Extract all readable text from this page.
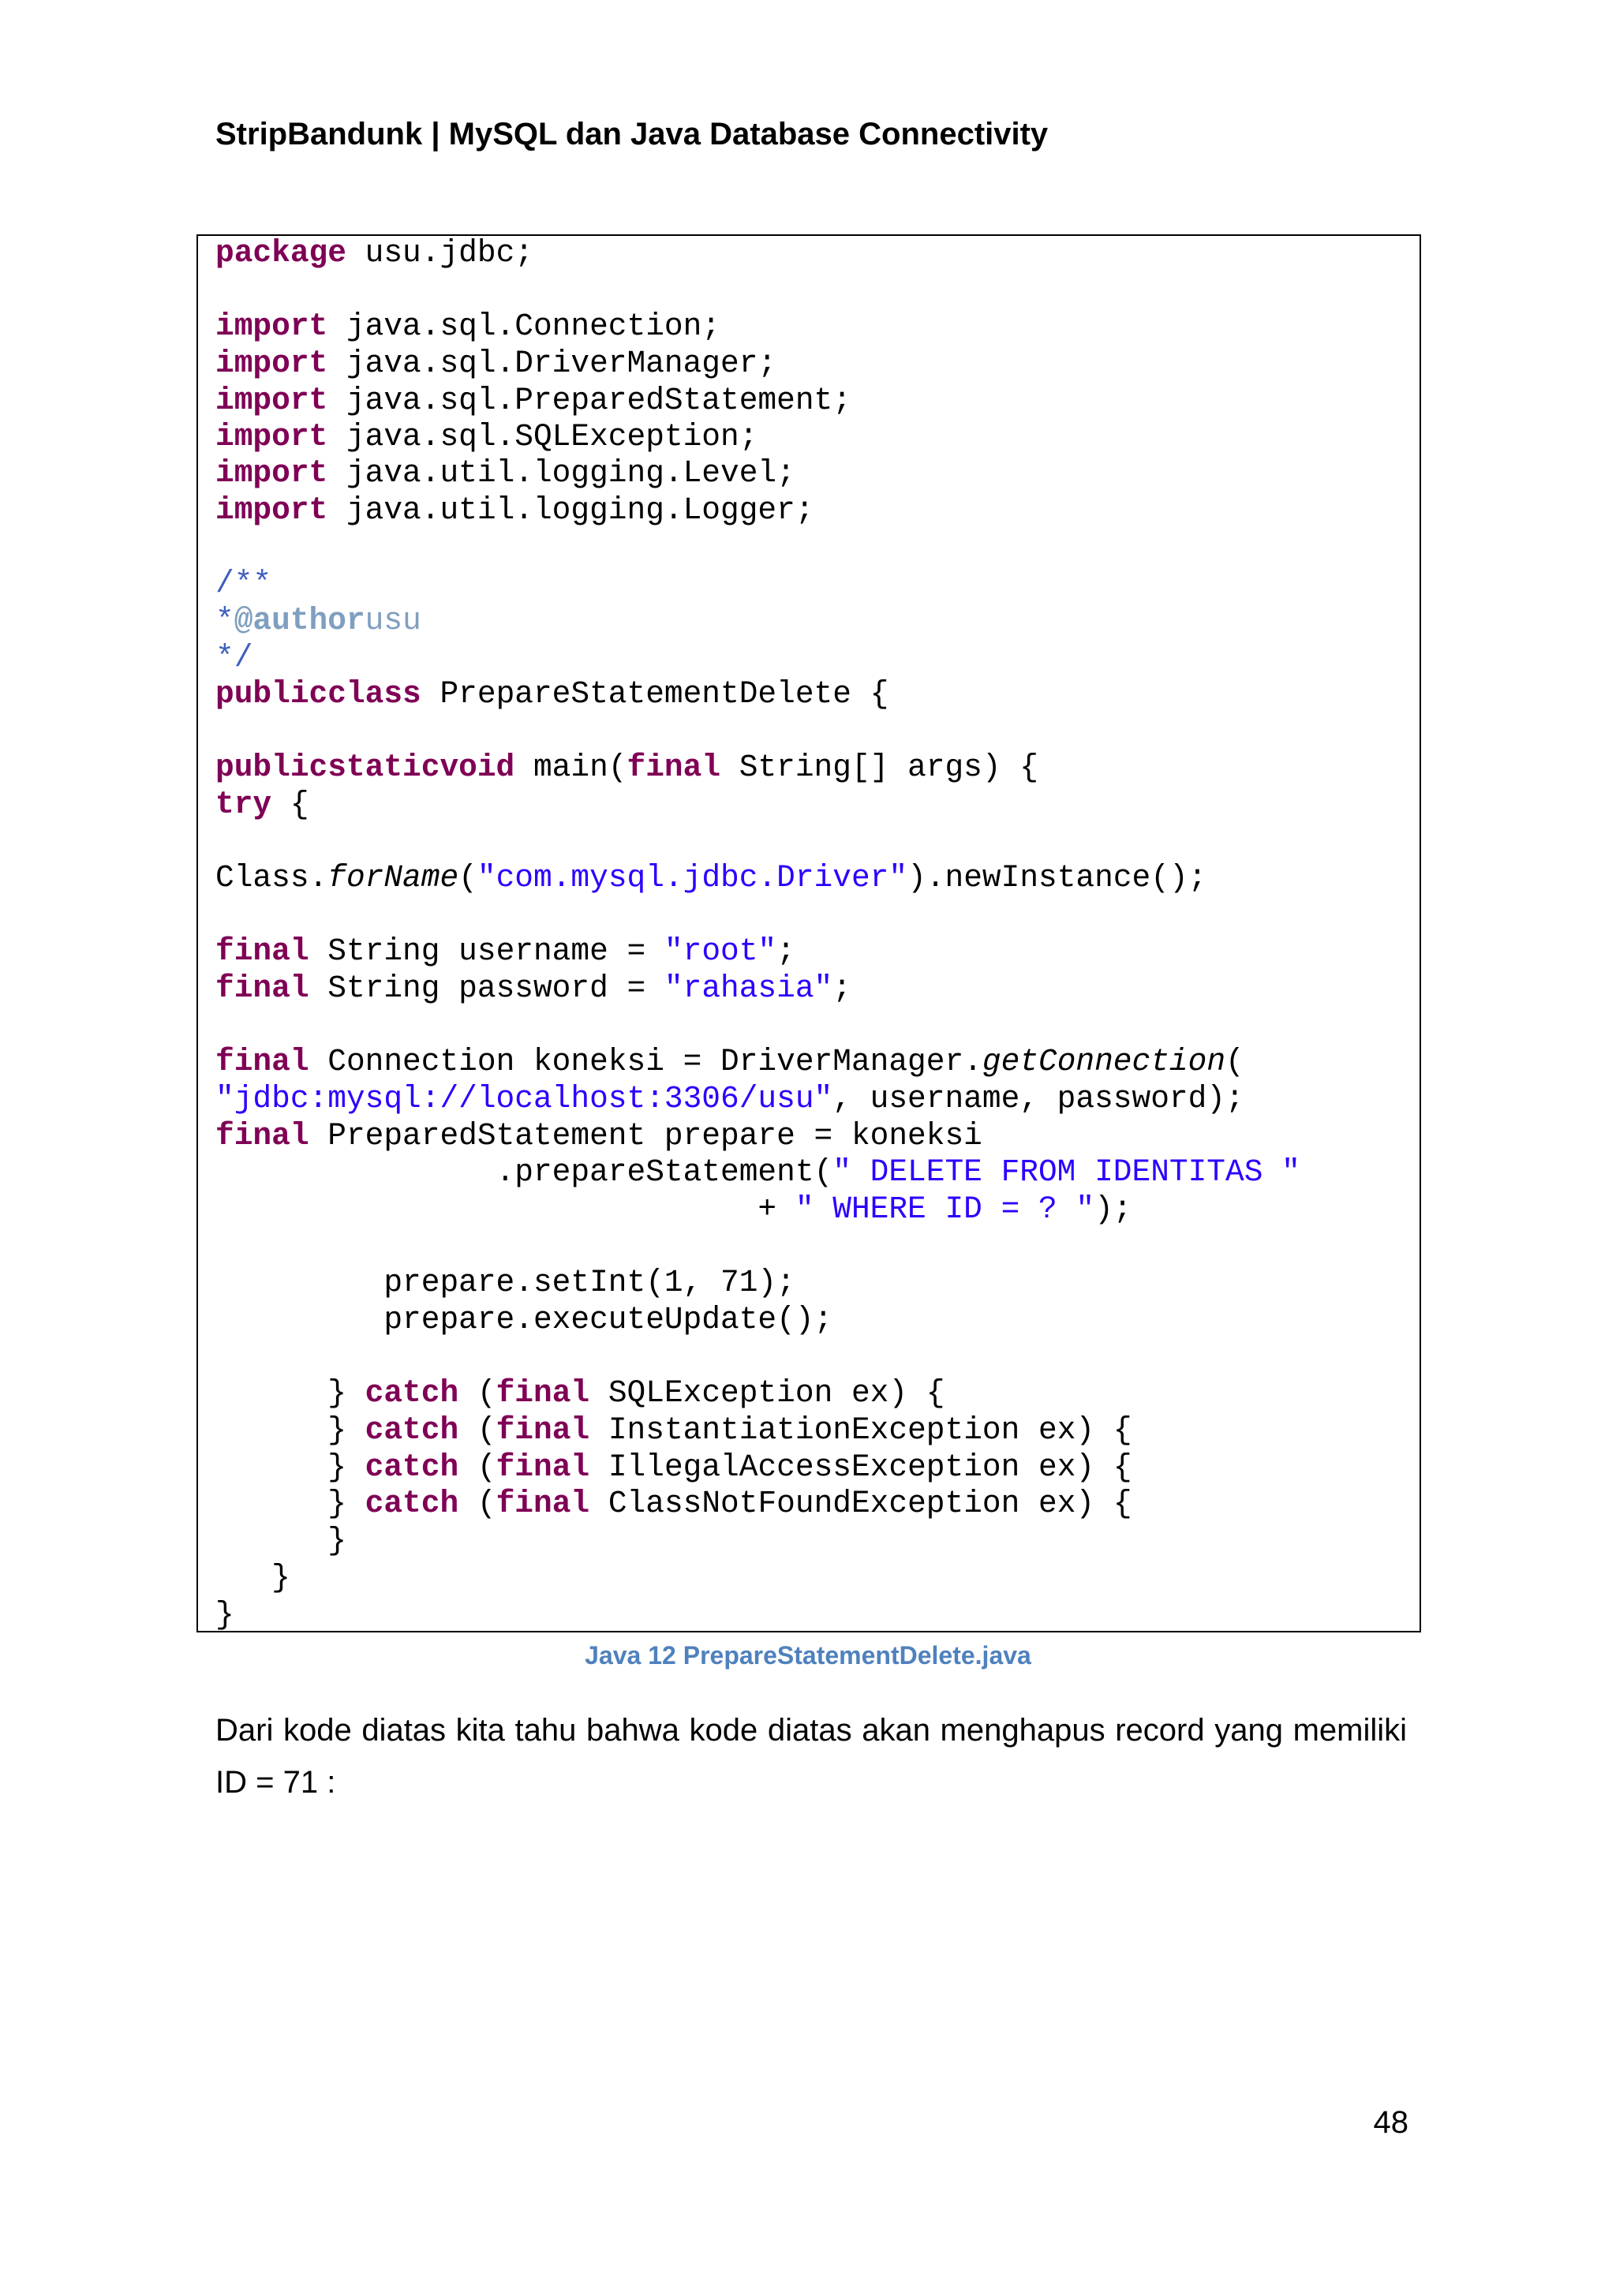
StripBandunk | MySQL dan Java Database Connectivity
package usu.jdbc;
import java.sql.Connection;
import java.sql.DriverManager;
import java.sql.PreparedStatement;
import java.sql.SQLException;
import java.util.logging.Level;
import java.util.logging.Logger;
/**
*@authorusu
*/
publicclass PrepareStatementDelete {
publicstaticvoid main(final String[] args) {
try {
Class.forName("com.mysql.jdbc.Driver").newInstance();
final String username = "root";
final String password = "rahasia";
final Connection koneksi = DriverManager.getConnection(
"jdbc:mysql://localhost:3306/usu", username, password);
final PreparedStatement prepare = koneksi
.prepareStatement(" DELETE FROM IDENTITAS "
+ " WHERE ID = ? ");
prepare.setInt(1, 71);
prepare.executeUpdate();
} catch (final SQLException ex) {
} catch (final InstantiationException ex) {
} catch (final IllegalAccessException ex) {
} catch (final ClassNotFoundException ex) {
}
}
}
Java 12 PrepareStatementDelete.java
Dari kode diatas kita tahu bahwa kode diatas akan menghapus record yang memiliki ID = 71 :
48
